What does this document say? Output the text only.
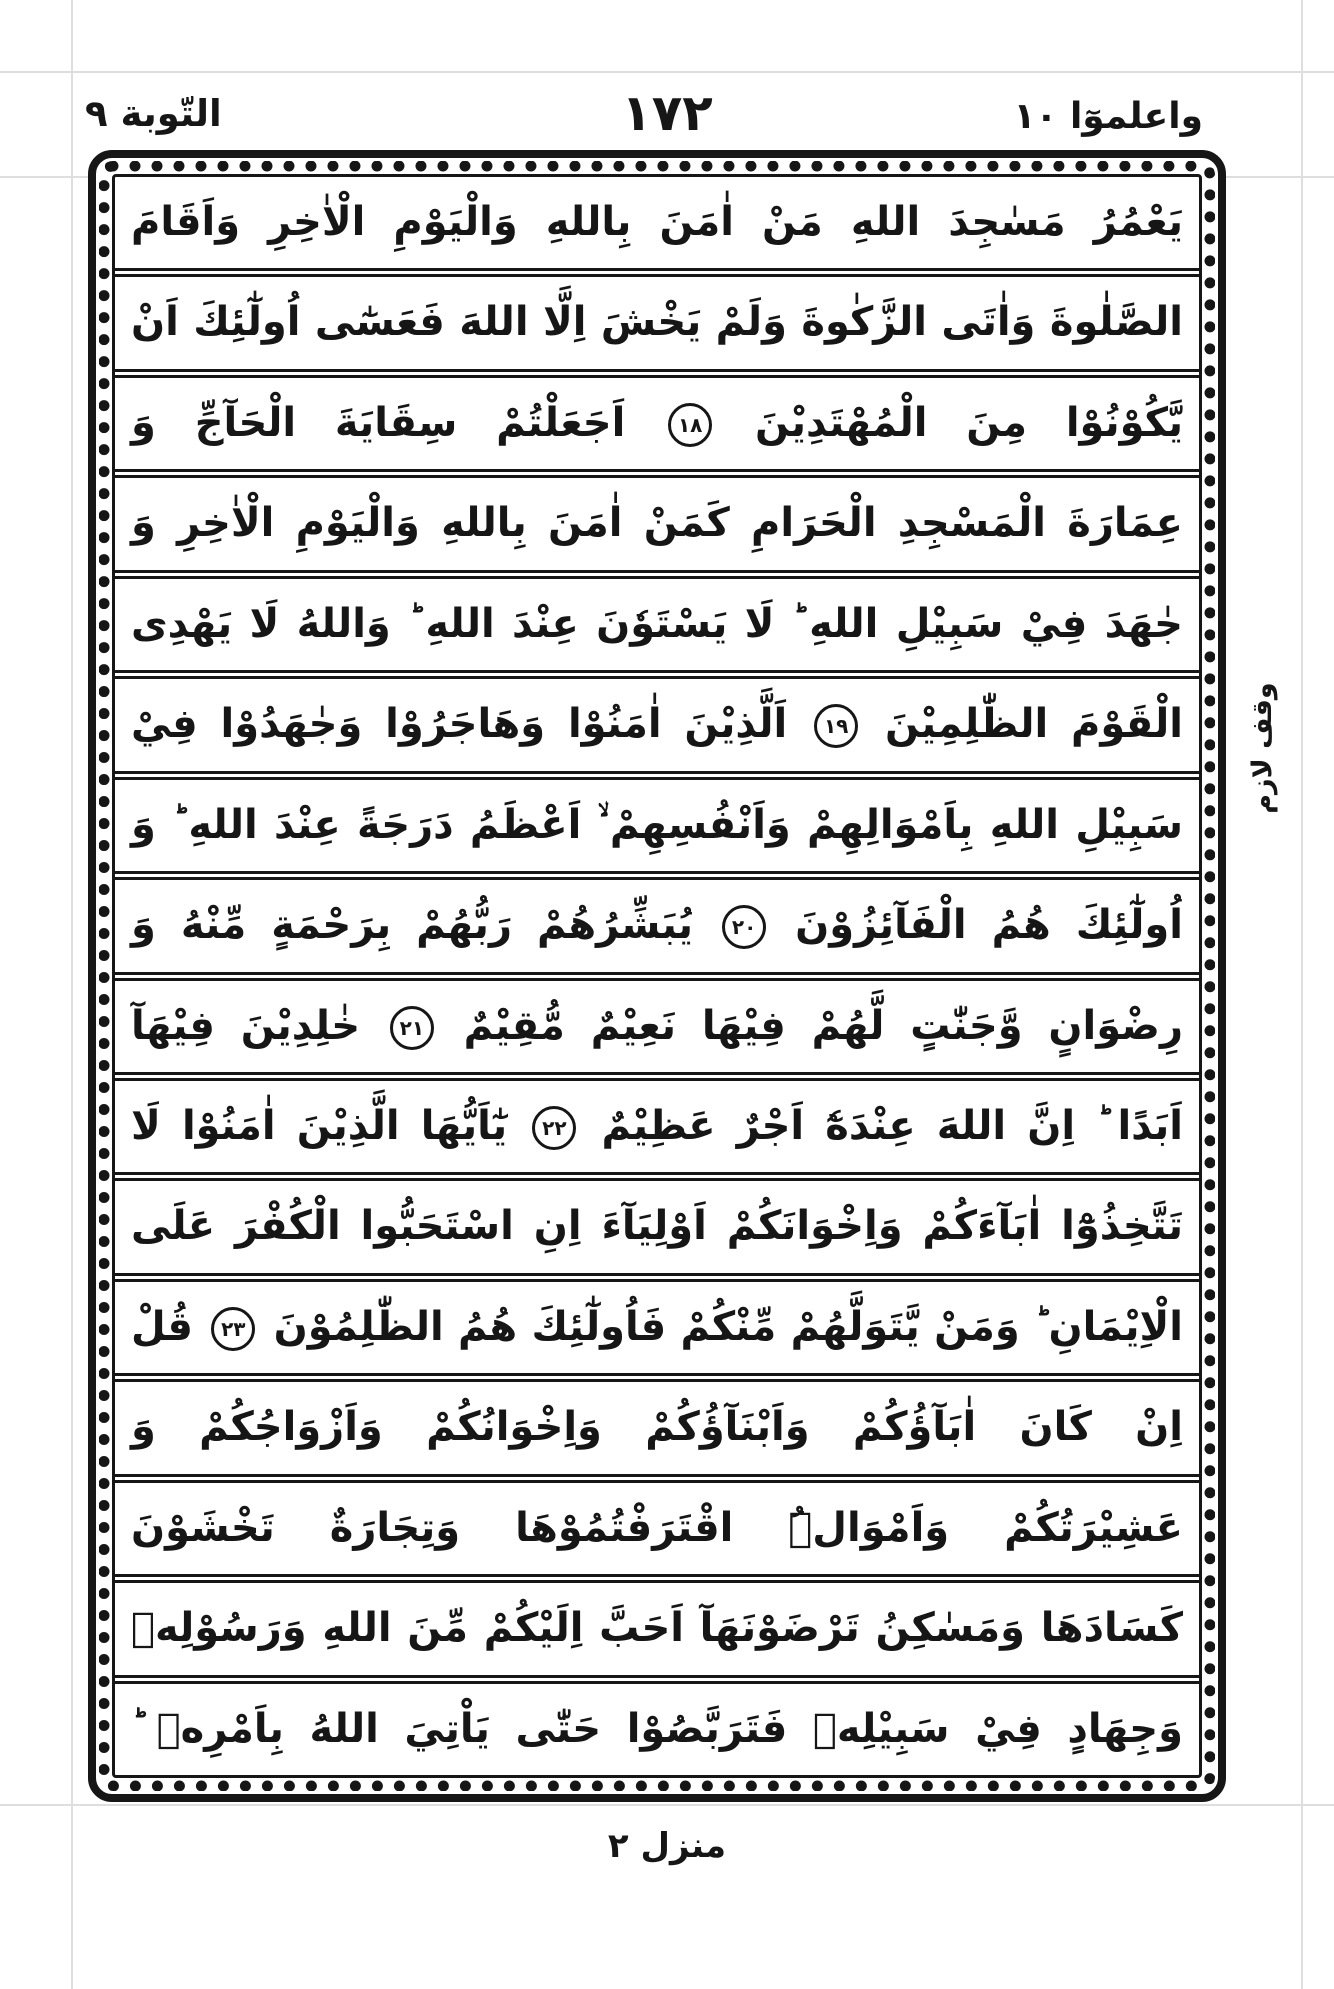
التّوبة ٩	١٧٢	واعلموٓا ١٠
يَعْمُرُ مَسٰجِدَ اللهِ مَنْ اٰمَنَ بِاللهِ وَالْيَوْمِ الْاٰخِرِ وَاَقَامَ
الصَّلٰوةَ وَاٰتَى الزَّكٰوةَ وَلَمْ يَخْشَ اِلَّا اللهَ فَعَسٰٓى اُولٰٓئِكَ اَنْ
يَّكُوْنُوْا مِنَ الْمُهْتَدِيْنَ ١٨ اَجَعَلْتُمْ سِقَايَةَ الْحَآجِّ وَ
عِمَارَةَ الْمَسْجِدِ الْحَرَامِ كَمَنْ اٰمَنَ بِاللهِ وَالْيَوْمِ الْاٰخِرِ وَ
جٰهَدَ فِيْ سَبِيْلِ اللهِ ؕ لَا يَسْتَوٗنَ عِنْدَ اللهِ ؕ وَاللهُ لَا يَهْدِى
الْقَوْمَ الظّٰلِمِيْنَ ١٩ اَلَّذِيْنَ اٰمَنُوْا وَهَاجَرُوْا وَجٰهَدُوْا فِيْ
سَبِيْلِ اللهِ بِاَمْوَالِهِمْ وَاَنْفُسِهِمْ ۙ اَعْظَمُ دَرَجَةً عِنْدَ اللهِ ؕ وَ
اُولٰٓئِكَ هُمُ الْفَآئِزُوْنَ ٢٠ يُبَشِّرُهُمْ رَبُّهُمْ بِرَحْمَةٍ مِّنْهُ وَ
رِضْوَانٍ وَّجَنّٰتٍ لَّهُمْ فِيْهَا نَعِيْمٌ مُّقِيْمٌ ٢١ خٰلِدِيْنَ فِيْهَآ
اَبَدًا ؕ اِنَّ اللهَ عِنْدَهٗٓ اَجْرٌ عَظِيْمٌ ٢٢ يٰٓاَيُّهَا الَّذِيْنَ اٰمَنُوْا لَا
تَتَّخِذُوْٓا اٰبَآءَكُمْ وَاِخْوَانَكُمْ اَوْلِيَآءَ اِنِ اسْتَحَبُّوا الْكُفْرَ عَلَى
الْاِيْمَانِ ؕ وَمَنْ يَّتَوَلَّهُمْ مِّنْكُمْ فَاُولٰٓئِكَ هُمُ الظّٰلِمُوْنَ ٢٣ قُلْ
اِنْ كَانَ اٰبَآؤُكُمْ وَاَبْنَآؤُكُمْ وَاِخْوَانُكُمْ وَاَزْوَاجُكُمْ وَ
عَشِيْرَتُكُمْ وَاَمْوَالُۨ اقْتَرَفْتُمُوْهَا وَتِجَارَةٌ تَخْشَوْنَ
كَسَادَهَا وَمَسٰكِنُ تَرْضَوْنَهَآ اَحَبَّ اِلَيْكُمْ مِّنَ اللهِ وَرَسُوْلِهٖ
وَجِهَادٍ فِيْ سَبِيْلِهٖ فَتَرَبَّصُوْا حَتّٰى يَاْتِيَ اللهُ بِاَمْرِهٖ ؕ
وقف لازم
منزل ٢
